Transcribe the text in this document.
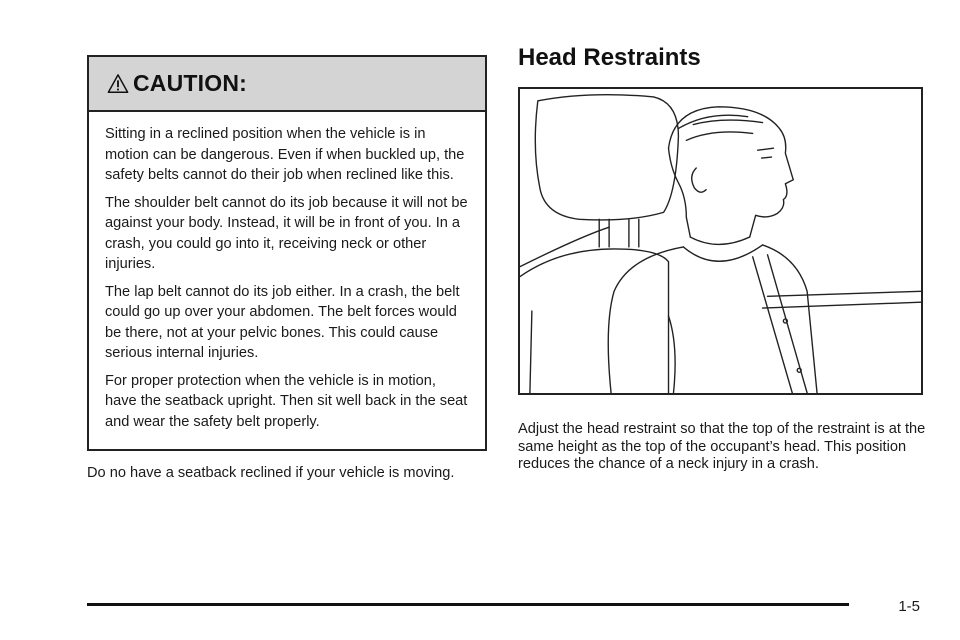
CAUTION:

Sitting in a reclined position when the vehicle is in motion can be dangerous. Even if when buckled up, the safety belts cannot do their job when reclined like this.

The shoulder belt cannot do its job because it will not be against your body. Instead, it will be in front of you. In a crash, you could go into it, receiving neck or other injuries.

The lap belt cannot do its job either. In a crash, the belt could go up over your abdomen. The belt forces would be there, not at your pelvic bones. This could cause serious internal injuries.

For proper protection when the vehicle is in motion, have the seatback upright. Then sit well back in the seat and wear the safety belt properly.

Do no have a seatback reclined if your vehicle is moving.

Head Restraints

Adjust the head restraint so that the top of the restraint is at the same height as the top of the occupant’s head. This position reduces the chance of a neck injury in a crash.

1-5
